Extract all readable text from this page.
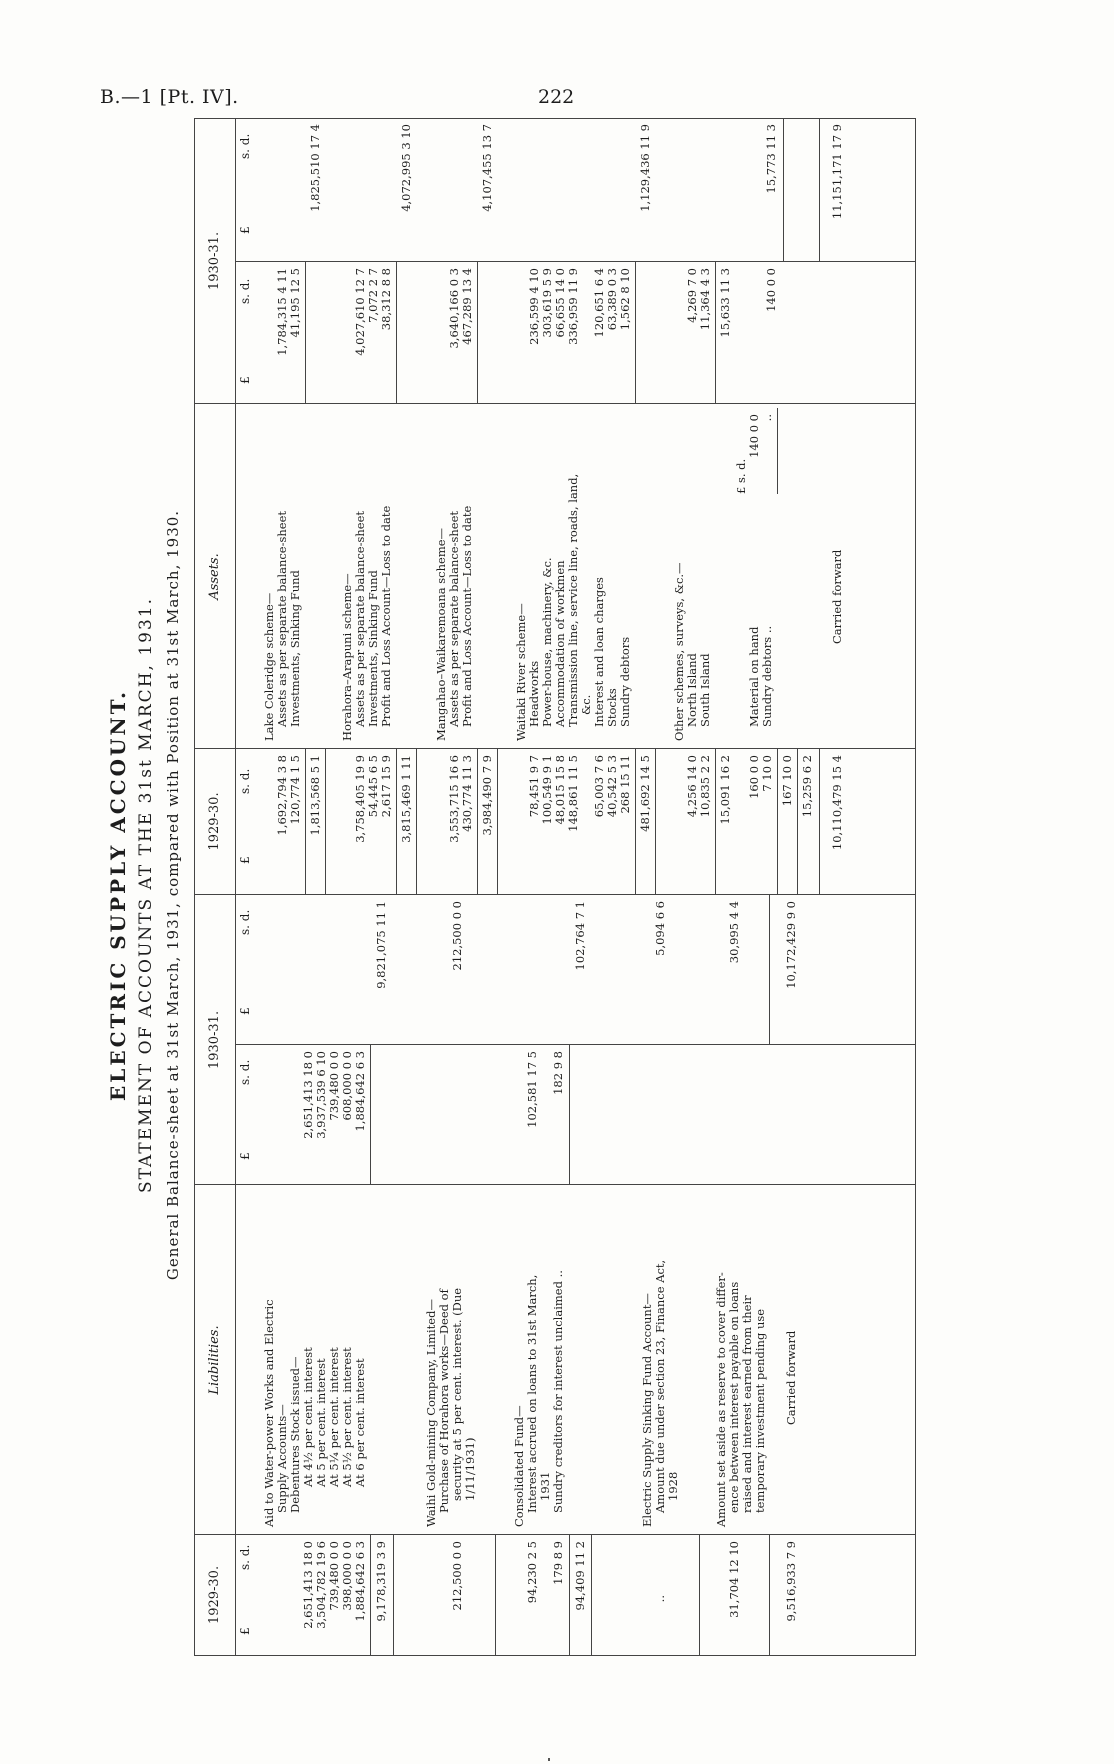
B.—1 [Pt. IV].	222
ELECTRIC SUPPLY ACCOUNT. STATEMENT OF ACCOUNTS AT THE 31st MARCH, 1931. General Balance-sheet at 31st March, 1931, compared with Position at 31st March, 1930.
1929-30.
Liabilities.
1930-31.
£
s. d.
£
s. d.
£
s. d.
Aid to Water-power Works and Electric Supply Accounts— Debentures Stock issued— At 4½ per cent. interest At 5 per cent. interest At 5¼ per cent. interest At 5½ per cent. interest At 6 per cent. interest
2,651,413 18 0 3,504,782 19 6 739,480 0 0 398,000 0 0 1,884,642 6 3 9,178,319 3 9
2,651,413 18 0 3,937,539 6 10 739,480 0 0 608,000 0 0 1,884,642 6 3
9,821,075 11 1
Waihi Gold-mining Company, Limited— Purchase of Horahora works—Deed of security at 5 per cent. interest. (Due 1/11/1931)
212,500 0 0
212,500 0 0
Consolidated Fund— Interest accrued on loans to 31st March, 1931 Sundry creditors for interest unclaimed ..
94,230 2 5 179 8 9 94,409 11 2
102,581 17 5 182 9 8
102,764 7 1
Electric Supply Sinking Fund Account— Amount due under section 23, Finance Act, 1928
..
5,094 6 6
Amount set aside as reserve to cover differ- ence between interest payable on loans raised and interest earned from their temporary investment pending use
31,704 12 10
30,995 4 4
Carried forward
9,516,933 7 9
10,172,429 9 0
1929-30.
Assets.
1930-31.
£
s. d.
£
s. d.
£
s. d.
Lake Coleridge scheme— Assets as per separate balance-sheet Investments, Sinking Fund
1,692,794 3 8 120,774 1 5 1,813,568 5 1
1,784,315 4 11 41,195 12 5
1,825,510 17 4
Horahora–Arapuni scheme— Assets as per separate balance-sheet Investments, Sinking Fund Profit and Loss Account—Loss to date
3,758,405 19 9 54,445 6 5 2,617 15 9 3,815,469 1 11
4,027,610 12 7 7,072 2 7 38,312 8 8
4,072,995 3 10
Mangahao–Waikaremoana scheme— Assets as per separate balance-sheet Profit and Loss Account—Loss to date
3,553,715 16 6 430,774 11 3 3,984,490 7 9
3,640,166 0 3 467,289 13 4
4,107,455 13 7
Waitaki River scheme— Headworks Power-house, machinery, &c. Accommodation of workmen Transmission line, service line, roads, land, &c. Interest and loan charges Stocks Sundry debtors
78,451 9 7 100,549 9 1 48,015 15 8 148,861 11 5 65,003 7 6 40,542 5 3 268 15 11 481,692 14 5
236,599 4 10 303,619 5 9 66,655 14 0 336,959 11 9 120,651 6 4 63,389 0 3 1,562 8 10
1,129,436 11 9
Other schemes, surveys, &c.— North Island South Island
4,256 14 0 10,835 2 2 15,091 16 2
4,269 7 0 11,364 4 3 15,633 11 3
£ s. d.
Material on hand Sundry debtors ..
140 0 0 ..
160 0 0 7 10 0 167 10 0
140 0 0
15,259 6 2
15,773 11 3
Carried forward
10,110,479 15 4
11,151,171 17 9
